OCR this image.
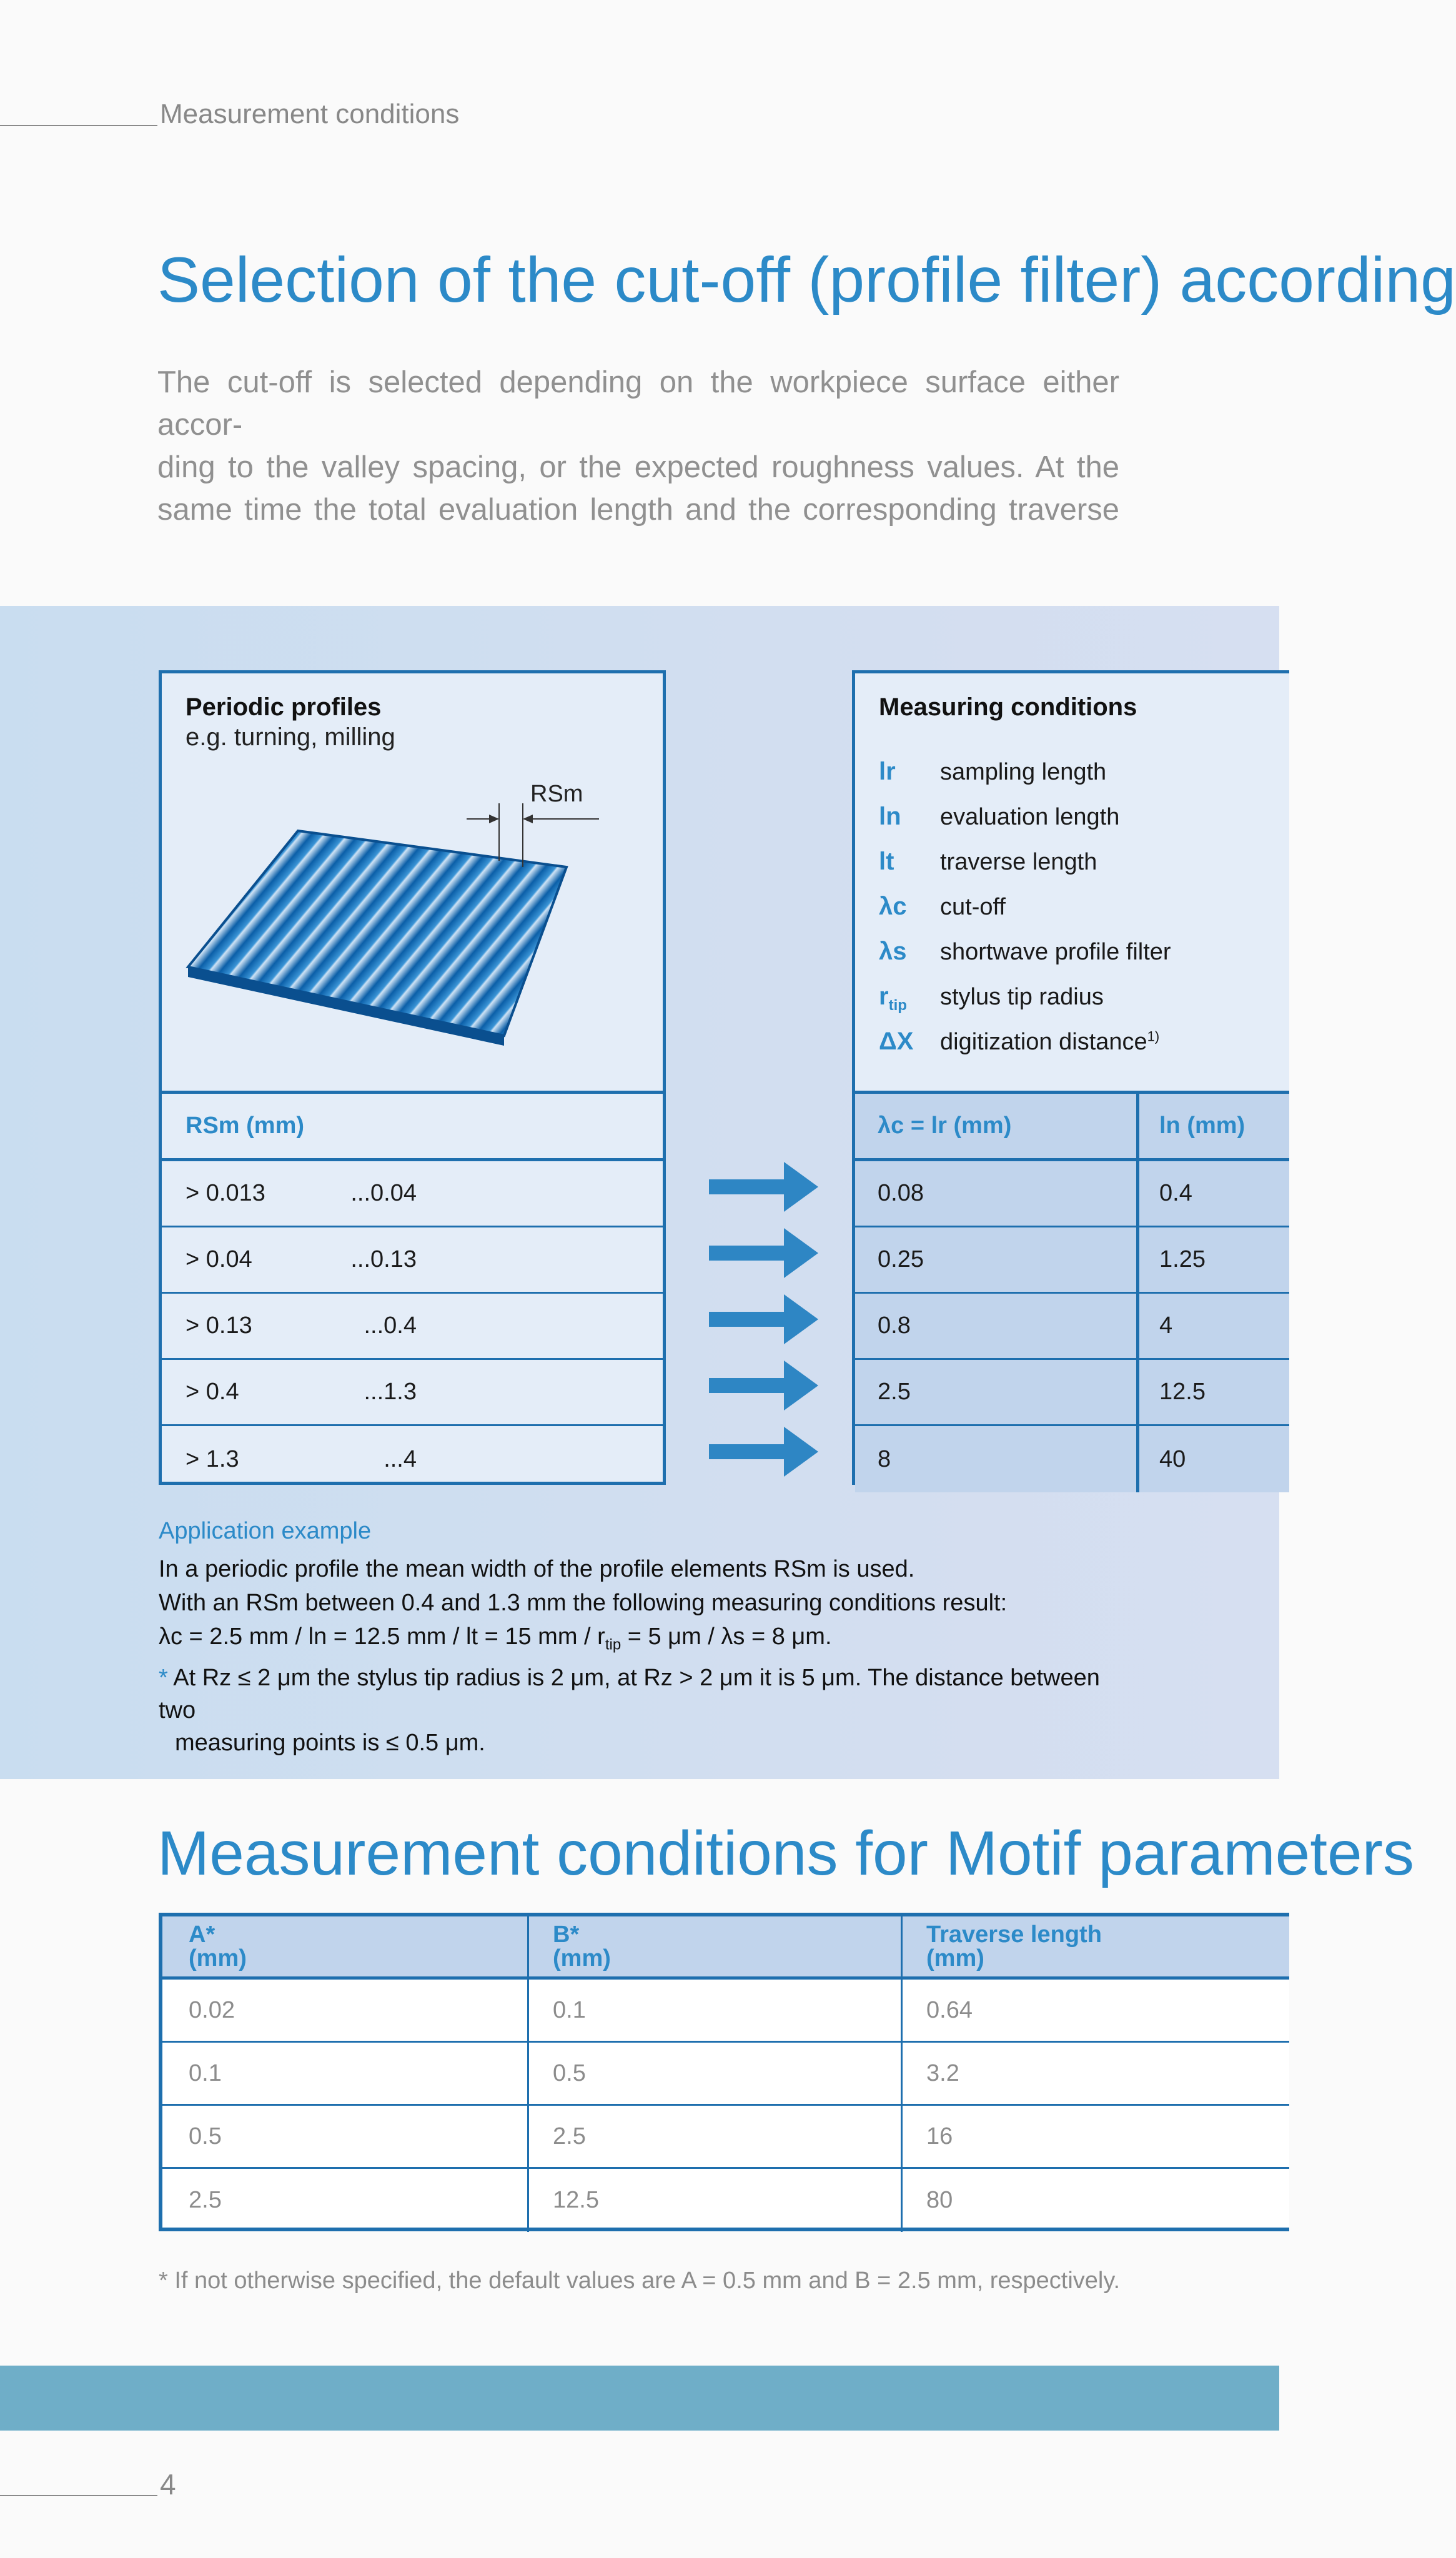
Measurement conditions
Selection of the cut-off (profile filter) according

The cut-off is selected depending on the workpiece surface either accor-

ding to the valley spacing, or the expected roughness values. At the

same time the total evaluation length and the corresponding traverse

Periodic profiles
e.g. turning, milling
RSm
RSm (mm)
> 0.013	...0.04
> 0.04	...0.13
> 0.13	...0.4
> 0.4	...1.3
> 1.3	...4
Measuring conditions
lr sampling length
ln evaluation length
lt traverse length
λc cut-off
λs shortwave profile filter
$r_{tip}$ stylus tip radius
ΔX digitization distance$^{1)}$
λc = lr (mm)	ln (mm)
0.08	0.4
0.25	1.25
0.8	4
2.5	12.5
8	40
Application example
In a periodic profile the mean width of the profile elements RSm is used.
With an RSm between 0.4 and 1.3 mm the following measuring conditions result:
λc = 2.5 mm / ln = 12.5 mm / lt = 15 mm / $r_{tip} = 5$ μm / λs = 8 μm.
* At Rz ≤ 2 μm the stylus tip radius is 2 μm, at Rz > 2 μm it is 5 μm. The distance between two
measuring points is ≤ 0.5 μm.
Measurement conditions for Motif parameters
A*
(mm)
B*
(mm)
Traverse length
(mm)
0.02	0.1	0.64
0.1	0.5	3.2
0.5	2.5	16
2.5	12.5	80
* If not otherwise specified, the default values are A = 0.5 mm and B = 2.5 mm, respectively.
4
